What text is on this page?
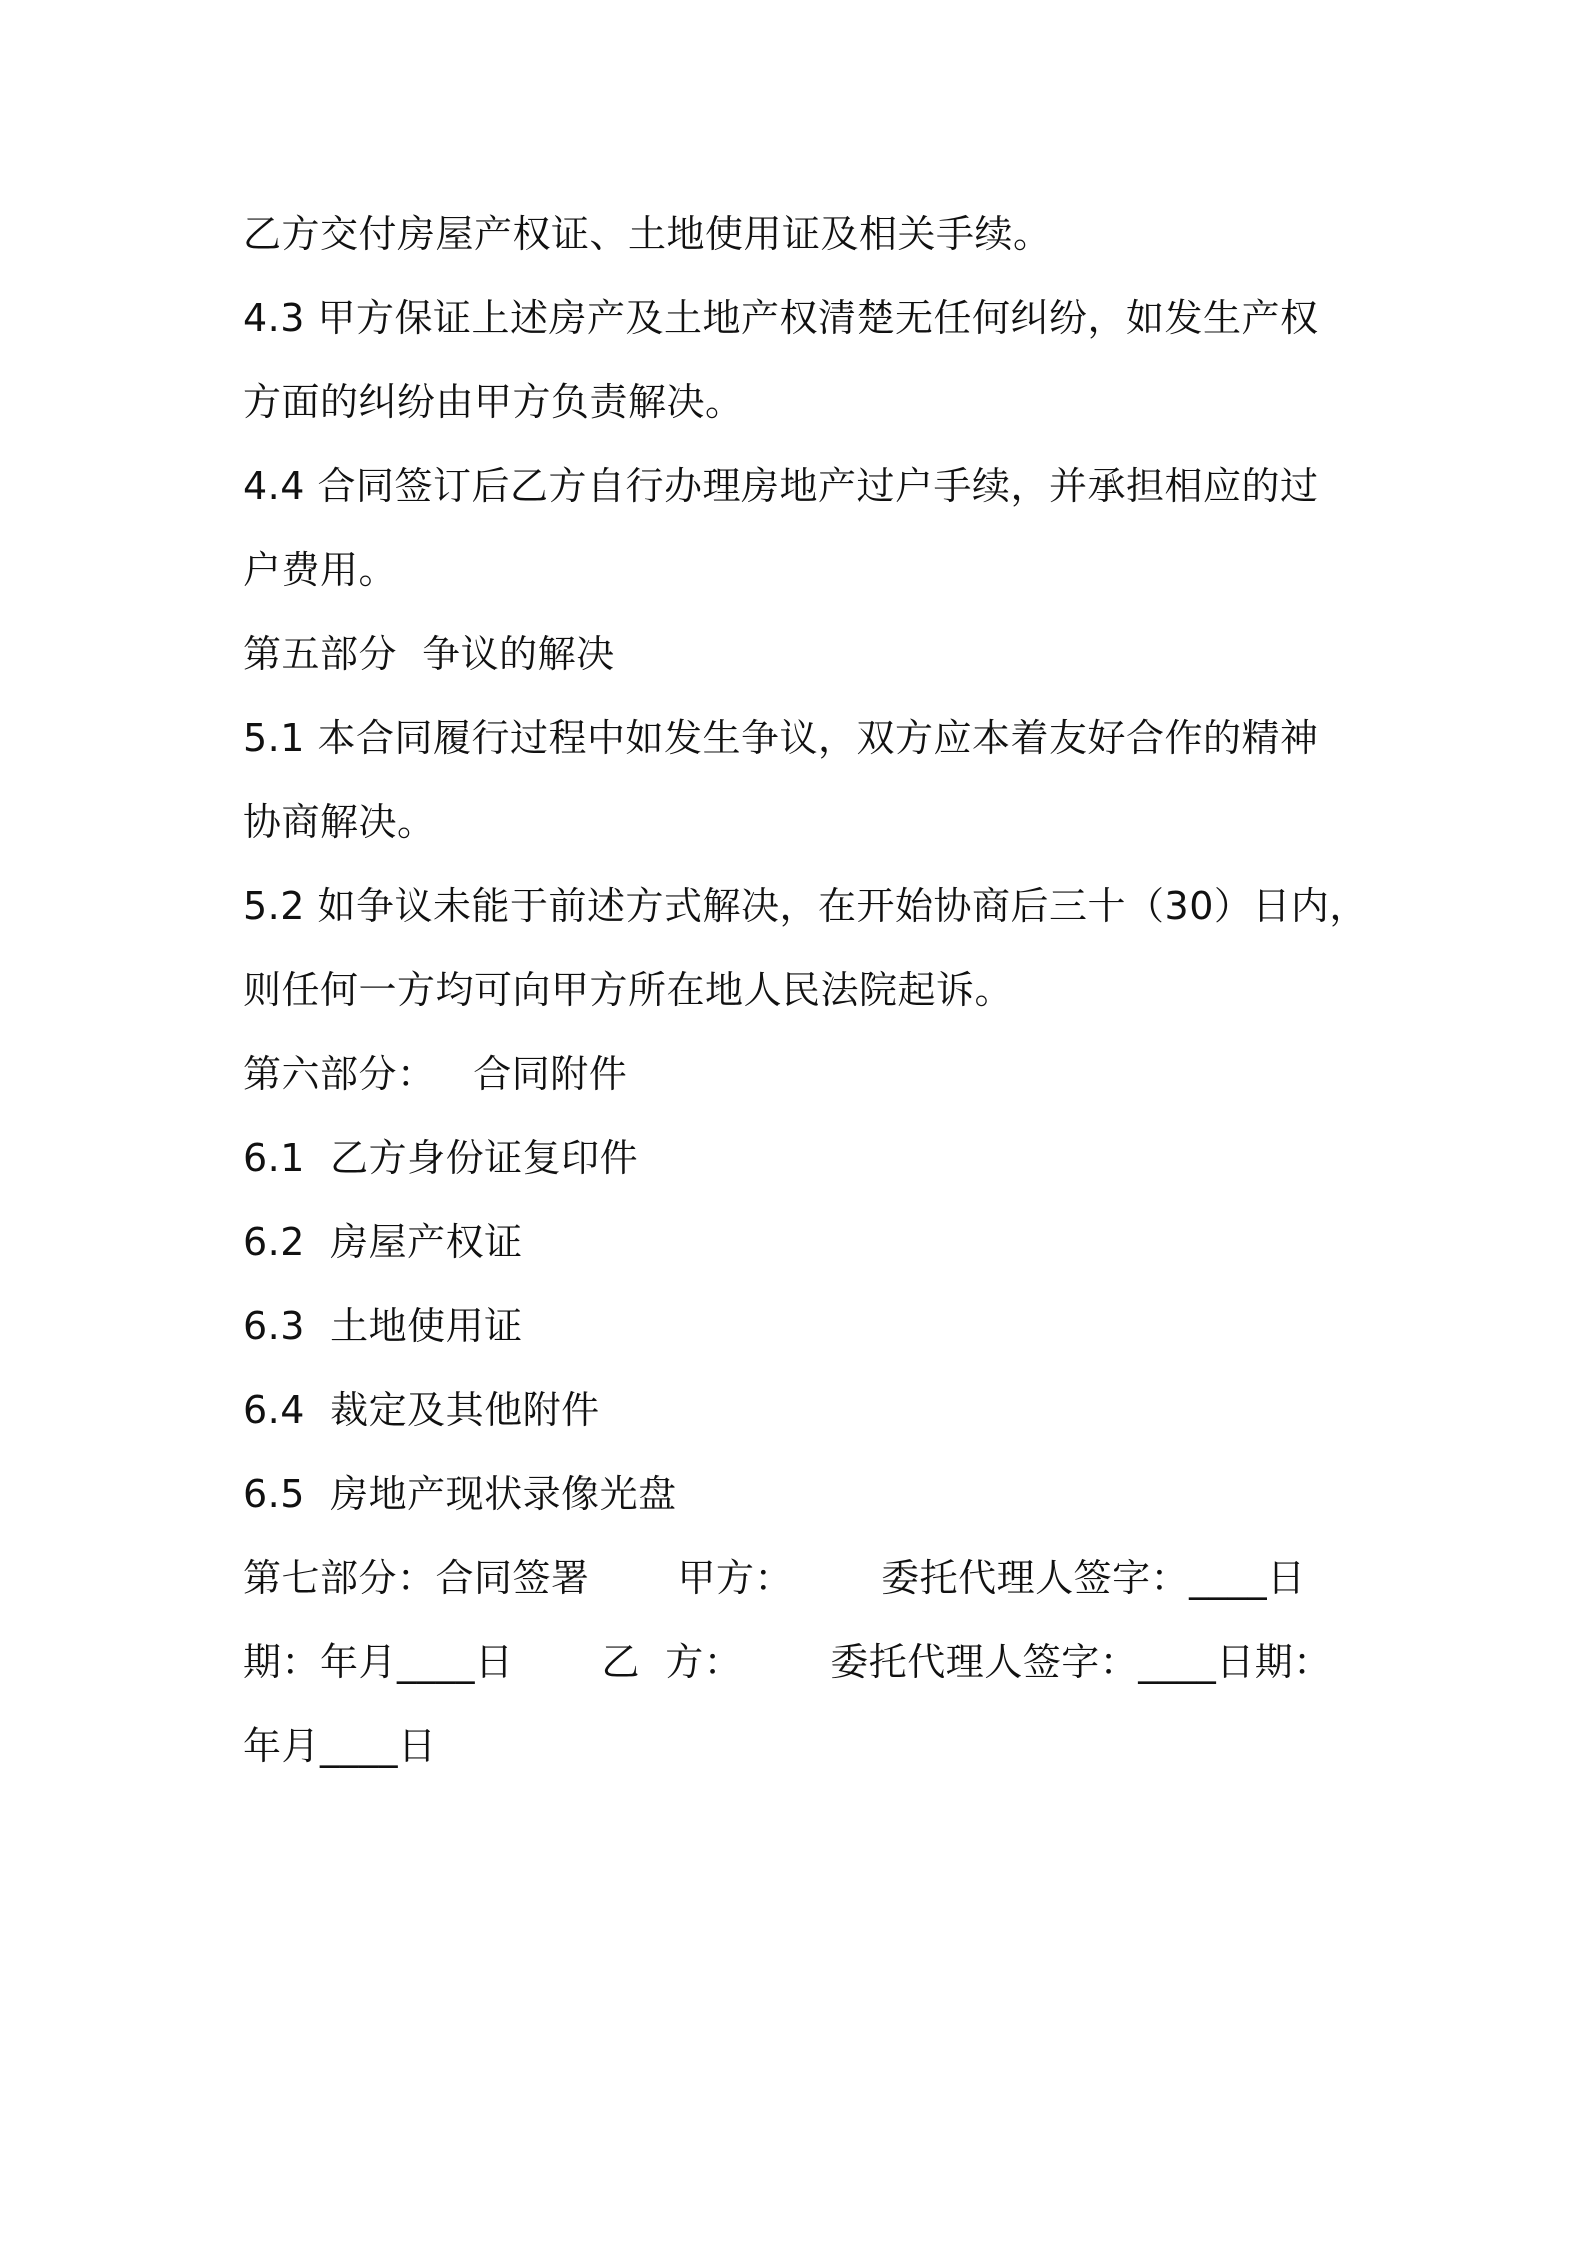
乙方交付房屋产权证、土地使用证及相关手续。

4.3 甲方保证上述房产及土地产权清楚无任何纠纷，如发生产权

方面的纠纷由甲方负责解决。

4.4 合同签订后乙方自行办理房地产过户手续，并承担相应的过

户费用。

第五部分  争议的解决

5.1 本合同履行过程中如发生争议，双方应本着友好合作的精神

协商解决。

5.2 如争议未能于前述方式解决，在开始协商后三十（30）日内，

则任何一方均可向甲方所在地人民法院起诉。

第六部分：   合同附件

6.1  乙方身份证复印件

6.2  房屋产权证

6.3  土地使用证

6.4  裁定及其他附件

6.5  房地产现状录像光盘

第七部分：合同签署       甲方：       委托代理人签字：____日

期：年月____日       乙  方：       委托代理人签字：____日期：

年月____日
